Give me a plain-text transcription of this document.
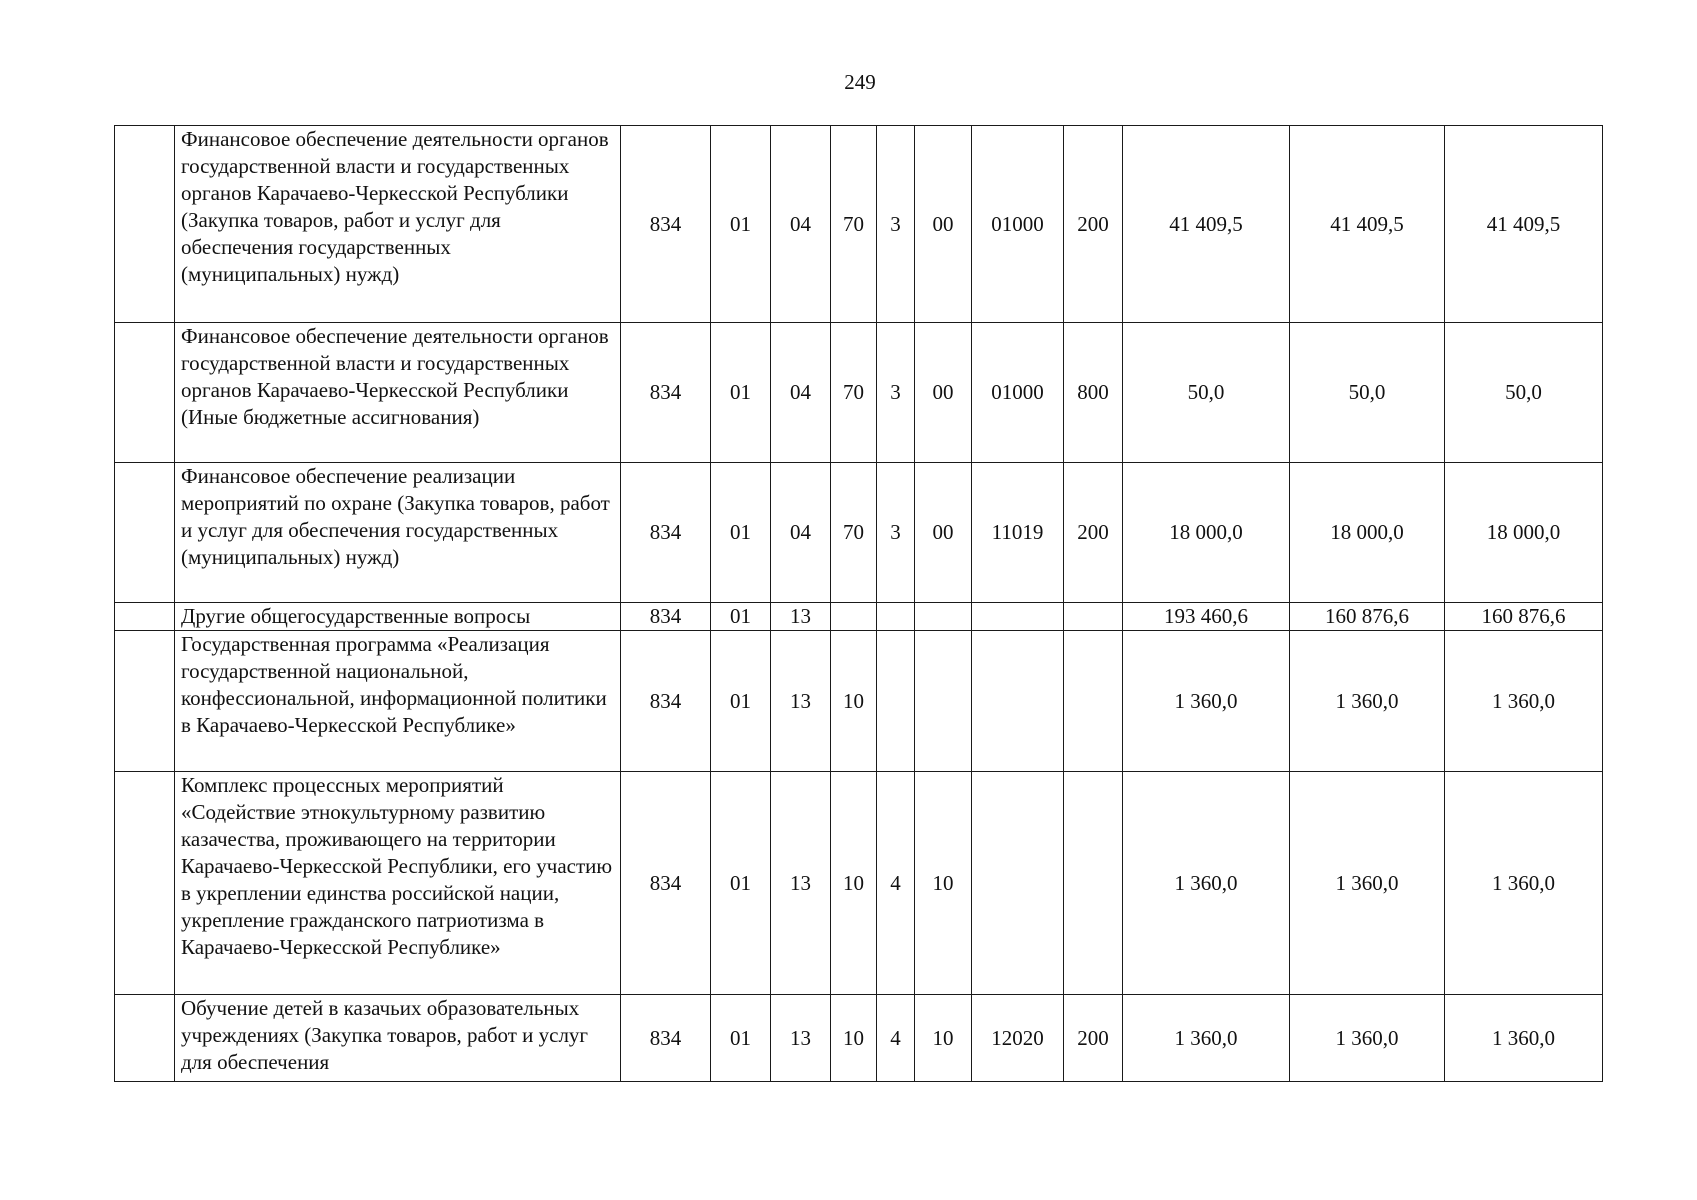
249
	Финансовое обеспечение деятельности органов государственной власти и государственных органов Карачаево-Черкесской Республики (Закупка товаров, работ и услуг для обеспечения государственных (муниципальных) нужд)	834	01	04	70	3	00	01000	200	41 409,5	41 409,5	41 409,5
	Финансовое обеспечение деятельности органов государственной власти и государственных органов Карачаево-Черкесской Республики (Иные бюджетные ассигнования)	834	01	04	70	3	00	01000	800	50,0	50,0	50,0
	Финансовое обеспечение реализации мероприятий по охране (Закупка товаров, работ и услуг для обеспечения государственных (муниципальных) нужд)	834	01	04	70	3	00	11019	200	18 000,0	18 000,0	18 000,0
	Другие общегосударственные вопросы	834	01	13						193 460,6	160 876,6	160 876,6
	Государственная программа «Реализация государственной национальной, конфессиональной, информационной политики в Карачаево-Черкесской Республике»	834	01	13	10					1 360,0	1 360,0	1 360,0
	Комплекс процессных мероприятий «Содействие этнокультурному развитию казачества, проживающего на территории Карачаево-Черкесской Республики, его участию в укреплении единства российской нации, укрепление гражданского патриотизма в Карачаево-Черкесской Республике»	834	01	13	10	4	10			1 360,0	1 360,0	1 360,0
	Обучение детей в казачьих образовательных учреждениях (Закупка товаров, работ и услуг для обеспечения	834	01	13	10	4	10	12020	200	1 360,0	1 360,0	1 360,0
